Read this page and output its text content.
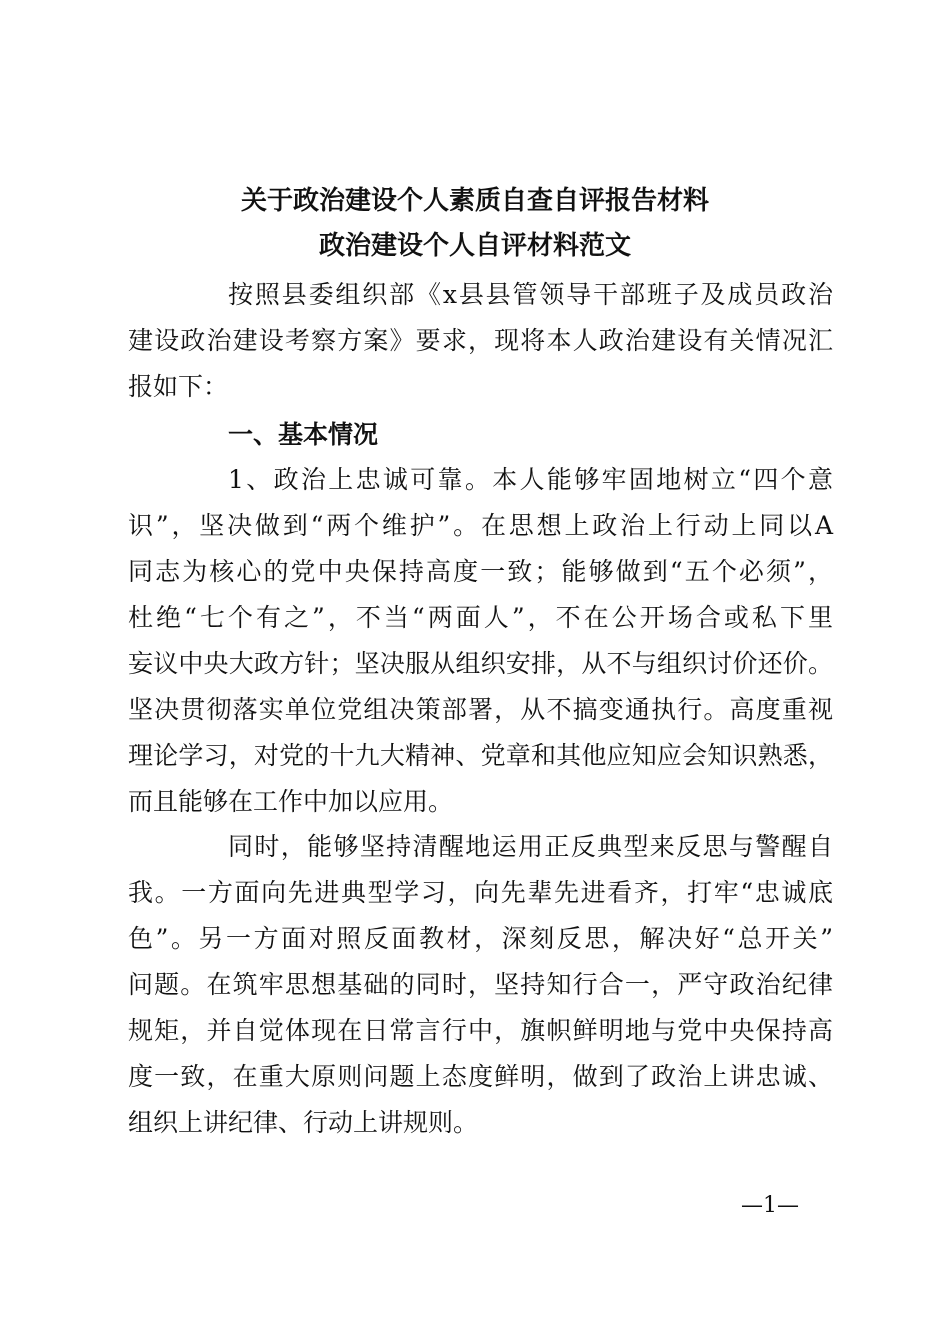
关于政治建设个人素质自查自评报告材料
政治建设个人自评材料范文
按照县委组织部《x县县管领导干部班子及成员政治
建设政治建设考察方案》要求，现将本人政治建设有关情况汇
报如下：
一、基本情况
1、政治上忠诚可靠。本人能够牢固地树立“四个意
识”，坚决做到“两个维护”。在思想上政治上行动上同以A
同志为核心的党中央保持高度一致；能够做到“五个必须”，
杜绝“七个有之”，不当“两面人”，不在公开场合或私下里
妄议中央大政方针；坚决服从组织安排，从不与组织讨价还价。
坚决贯彻落实单位党组决策部署，从不搞变通执行。高度重视
理论学习，对党的十九大精神、党章和其他应知应会知识熟悉，
而且能够在工作中加以应用。
同时，能够坚持清醒地运用正反典型来反思与警醒自
我。一方面向先进典型学习，向先辈先进看齐，打牢“忠诚底
色”。另一方面对照反面教材，深刻反思，解决好“总开关”
问题。在筑牢思想基础的同时，坚持知行合一，严守政治纪律
规矩，并自觉体现在日常言行中，旗帜鲜明地与党中央保持高
度一致，在重大原则问题上态度鲜明，做到了政治上讲忠诚、
组织上讲纪律、行动上讲规则。
—1—
